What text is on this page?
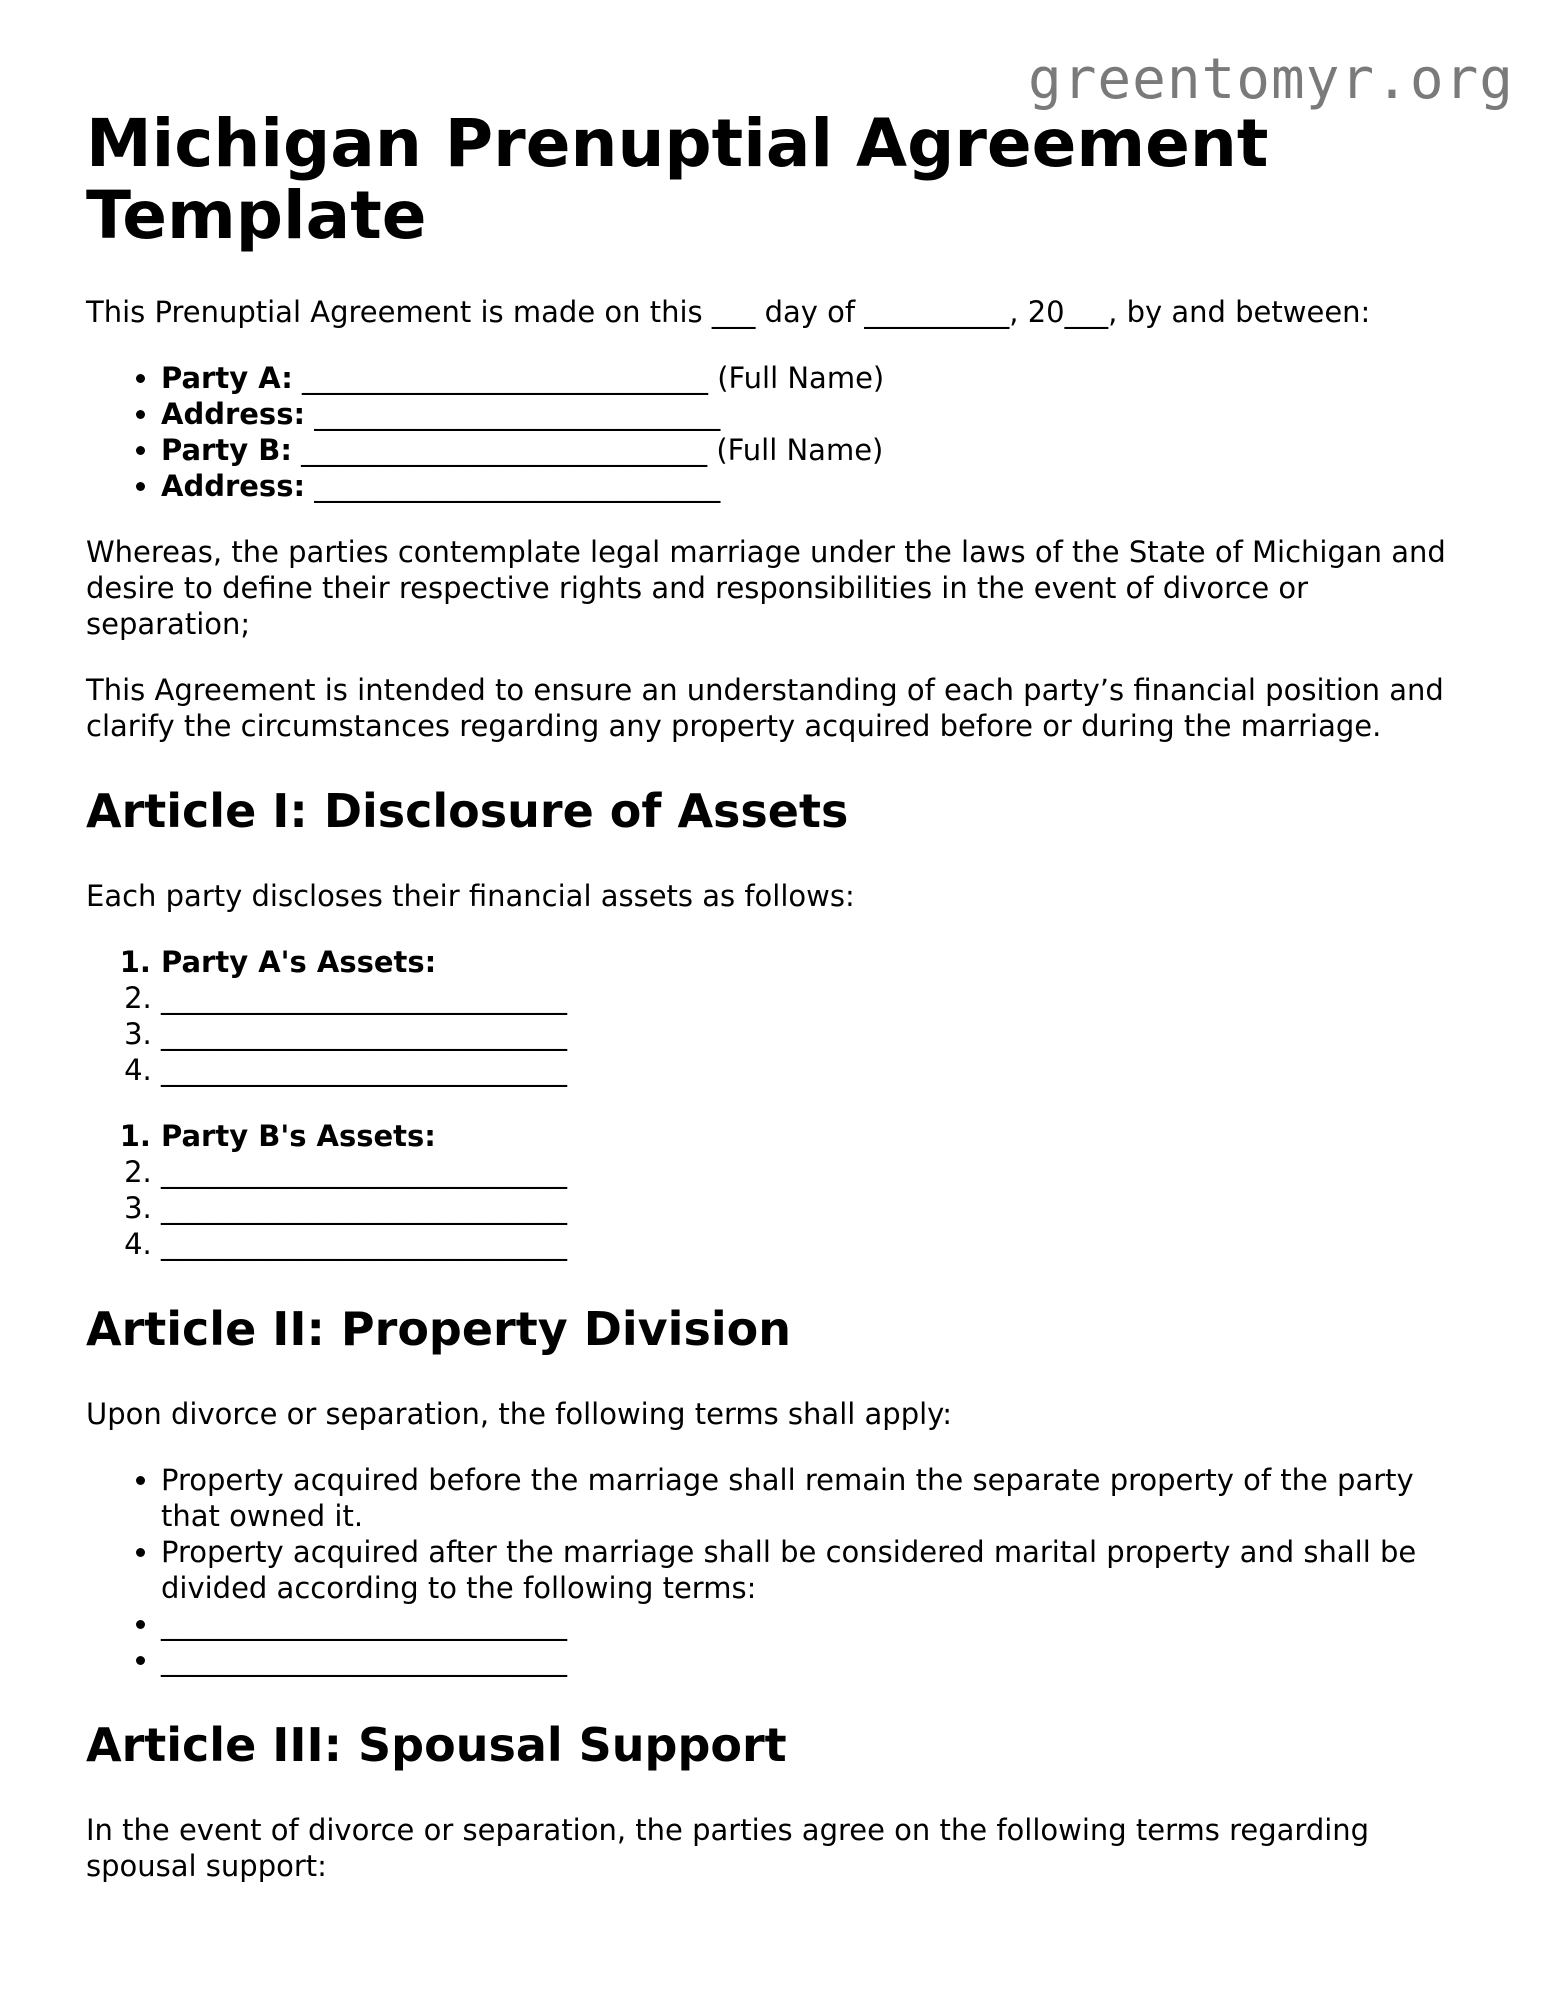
greentomyr.org
Michigan Prenuptial Agreement Template

This Prenuptial Agreement is made on this ___ day of __________, 20___, by and between:

• Party A: ____________________________ (Full Name)
• Address: ____________________________
• Party B: ____________________________ (Full Name)
• Address: ____________________________

Whereas, the parties contemplate legal marriage under the laws of the State of Michigan and desire to define their respective rights and responsibilities in the event of divorce or separation;

This Agreement is intended to ensure an understanding of each party’s financial position and clarify the circumstances regarding any property acquired before or during the marriage.

Article I: Disclosure of Assets

Each party discloses their financial assets as follows:

1. Party A's Assets:
2. ____________________________
3. ____________________________
4. ____________________________
1. Party B's Assets:
2. ____________________________
3. ____________________________
4. ____________________________
Article II: Property Division

Upon divorce or separation, the following terms shall apply:

• Property acquired before the marriage shall remain the separate property of the party that owned it.
• Property acquired after the marriage shall be considered marital property and shall be divided according to the following terms:
• ____________________________
• ____________________________
Article III: Spousal Support

In the event of divorce or separation, the parties agree on the following terms regarding spousal support:
